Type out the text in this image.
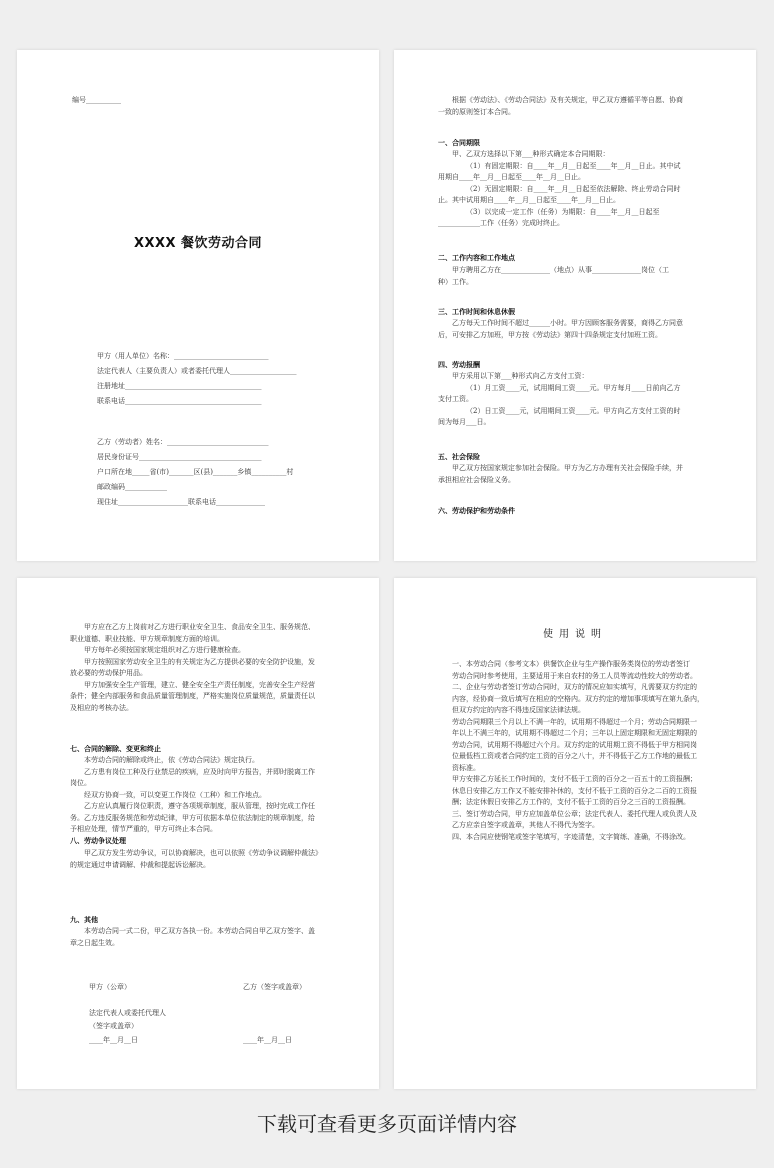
编号__________
XXXX 餐饮劳动合同
甲方（用人单位）名称：___________________________
法定代表人（主要负责人）或者委托代理人___________________
注册地址_______________________________________
联系电话_______________________________________
乙方（劳动者）姓名：_____________________________
居民身份证号___________________________________
户口所在地_____省(市)_______区(县)_______乡镇__________村
邮政编码____________
现住址____________________联系电话______________
根据《劳动法》、《劳动合同法》及有关规定，甲乙双方遵循平等自愿、协商
一致的原则签订本合同。
一、合同期限
甲、乙双方选择以下第___种形式确定本合同期限：
（1）有固定期限：自____年__月__日起至____年__月__日止。其中试
用期自____年__月__日起至____年__月__日止。
（2）无固定期限：自____年__月__日起至依法解除、终止劳动合同时
止。其中试用期自____年__月__日起至____年__月__日止。
（3）以完成一定工作（任务）为期限：自____年__月__日起至
____________工作（任务）完成时终止。
二、工作内容和工作地点
甲方聘用乙方在______________（地点）从事______________岗位（工
种）工作。
三、工作时间和休息休假
乙方每天工作时间不超过______小时。甲方因顾客服务需要，商得乙方同意
后，可安排乙方加班，甲方按《劳动法》第四十四条规定支付加班工资。
四、劳动报酬
甲方采用以下第___种形式向乙方支付工资：
（1）月工资____元，试用期间工资____元。甲方每月____日前向乙方
支付工资。
（2）日工资____元，试用期间工资____元。甲方向乙方支付工资的时
间为每月___日。
五、社会保险
甲乙双方按国家规定参加社会保险。甲方为乙方办理有关社会保险手续，并
承担相应社会保险义务。
六、劳动保护和劳动条件
甲方应在乙方上岗前对乙方进行职业安全卫生、食品安全卫生、服务规范、
职业道德、职业技能、甲方规章制度方面的培训。
甲方每年必须按国家规定组织对乙方进行健康检查。
甲方按照国家劳动安全卫生的有关规定为乙方提供必要的安全防护设施，发
放必要的劳动保护用品。
甲方加强安全生产管理，建立、健全安全生产责任制度，完善安全生产经营
条件；健全内部服务和食品质量管理制度，严格实施岗位质量规范，质量责任以
及相应的考核办法。
七、合同的解除、变更和终止
本劳动合同的解除或终止，依《劳动合同法》规定执行。
乙方患有岗位工种及行业禁忌的疾病，应及时向甲方报告，并即时脱离工作
岗位。
经双方协商一致，可以变更工作岗位（工种）和工作地点。
乙方应认真履行岗位职责，遵守各项规章制度，服从管理，按时完成工作任
务。乙方违反服务规范和劳动纪律，甲方可依据本单位依法制定的规章制度，给
予相应处理，情节严重的，甲方可终止本合同。
八、劳动争议处理
甲乙双方发生劳动争议，可以协商解决，也可以依照《劳动争议调解仲裁法》
的规定通过申请调解、仲裁和提起诉讼解决。
九、其他
本劳动合同一式二份，甲乙双方各执一份。本劳动合同自甲乙双方签字、盖
章之日起生效。
甲方（公章）	乙方（签字或盖章）
法定代表人或委托代理人
（签字或盖章）
____年__月__日	____年__月__日
使用说明
一、本劳动合同（参考文本）供餐饮企业与生产操作服务类岗位的劳动者签订
劳动合同时参考使用，主要适用于来自农村的务工人员等流动性较大的劳动者。
二、企业与劳动者签订劳动合同时，双方的情况应如实填写，凡需要双方约定的
内容，经协商一致后填写在相应的空格内。双方约定的增加事项填写在第九条内，
但双方约定的内容不得违反国家法律法规。
劳动合同期限三个月以上不满一年的，试用期不得超过一个月；劳动合同期限一
年以上不满三年的，试用期不得超过二个月；三年以上固定期限和无固定期限的
劳动合同，试用期不得超过六个月。双方约定的试用期工资不得低于甲方相同岗
位最低档工资或者合同约定工资的百分之八十，并不得低于乙方工作地的最低工
资标准。
甲方安排乙方延长工作时间的，支付不低于工资的百分之一百五十的工资报酬；
休息日安排乙方工作又不能安排补休的，支付不低于工资的百分之二百的工资报
酬；法定休假日安排乙方工作的，支付不低于工资的百分之三百的工资报酬。
三、签订劳动合同，甲方应加盖单位公章；法定代表人、委托代理人或负责人及
乙方应亲自签字或盖章，其他人不得代为签字。
四、本合同应使钢笔或签字笔填写，字迹清楚，文字简练、准确，不得涂改。
下载可查看更多页面详情内容
